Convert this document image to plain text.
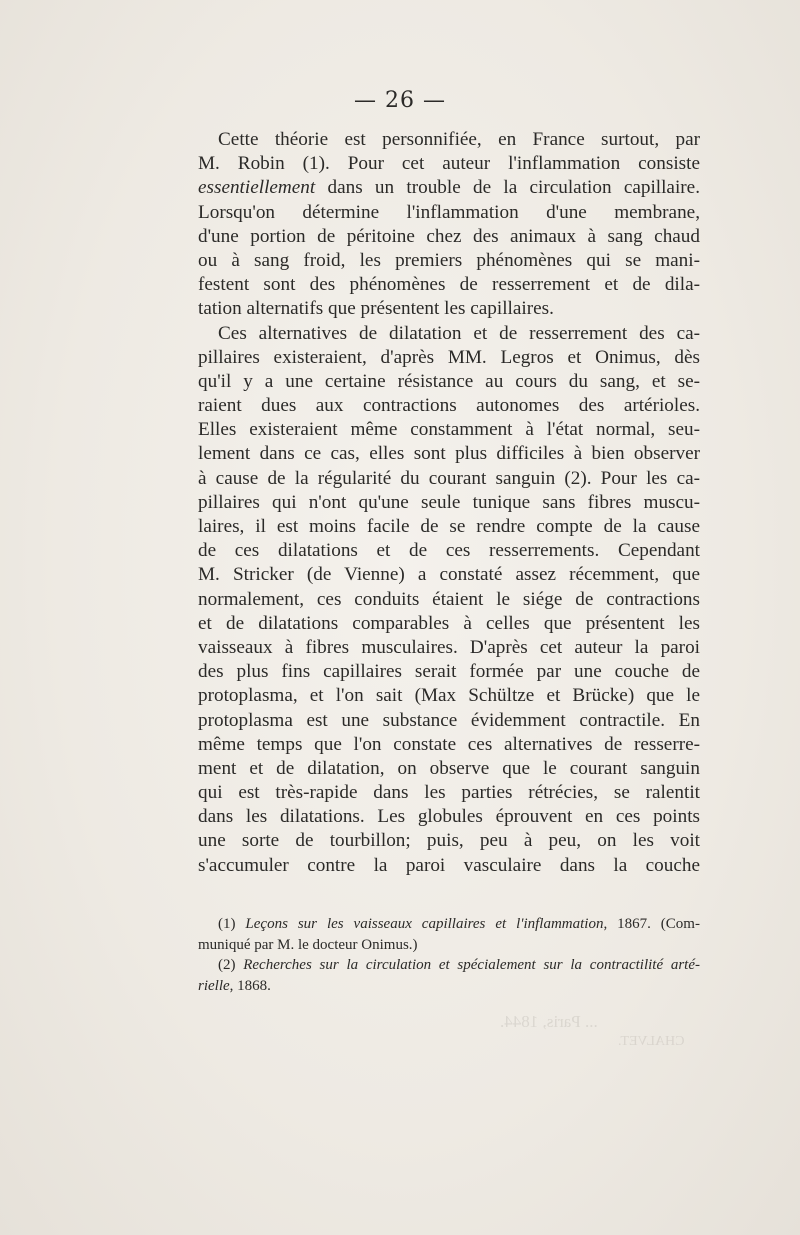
... Paris, 1844.
CHALVET.
— 26 —
Cette théorie est personnifiée, en France surtout, par
M. Robin (1). Pour cet auteur l'inflammation consiste
essentiellement dans un trouble de la circulation capillaire.
Lorsqu'on détermine l'inflammation d'une membrane,
d'une portion de péritoine chez des animaux à sang chaud
ou à sang froid, les premiers phénomènes qui se mani-
festent sont des phénomènes de resserrement et de dila-
tation alternatifs que présentent les capillaires.
Ces alternatives de dilatation et de resserrement des ca-
pillaires existeraient, d'après MM. Legros et Onimus, dès
qu'il y a une certaine résistance au cours du sang, et se-
raient dues aux contractions autonomes des artérioles.
Elles existeraient même constamment à l'état normal, seu-
lement dans ce cas, elles sont plus difficiles à bien observer
à cause de la régularité du courant sanguin (2). Pour les ca-
pillaires qui n'ont qu'une seule tunique sans fibres muscu-
laires, il est moins facile de se rendre compte de la cause
de ces dilatations et de ces resserrements. Cependant
M. Stricker (de Vienne) a constaté assez récemment, que
normalement, ces conduits étaient le siége de contractions
et de dilatations comparables à celles que présentent les
vaisseaux à fibres musculaires. D'après cet auteur la paroi
des plus fins capillaires serait formée par une couche de
protoplasma, et l'on sait (Max Schültze et Brücke) que le
protoplasma est une substance évidemment contractile. En
même temps que l'on constate ces alternatives de resserre-
ment et de dilatation, on observe que le courant sanguin
qui est très-rapide dans les parties rétrécies, se ralentit
dans les dilatations. Les globules éprouvent en ces points
une sorte de tourbillon; puis, peu à peu, on les voit
s'accumuler contre la paroi vasculaire dans la couche
(1) Leçons sur les vaisseaux capillaires et l'inflammation, 1867. (Com-
muniqué par M. le docteur Onimus.)
(2) Recherches sur la circulation et spécialement sur la contractilité arté-
rielle, 1868.
